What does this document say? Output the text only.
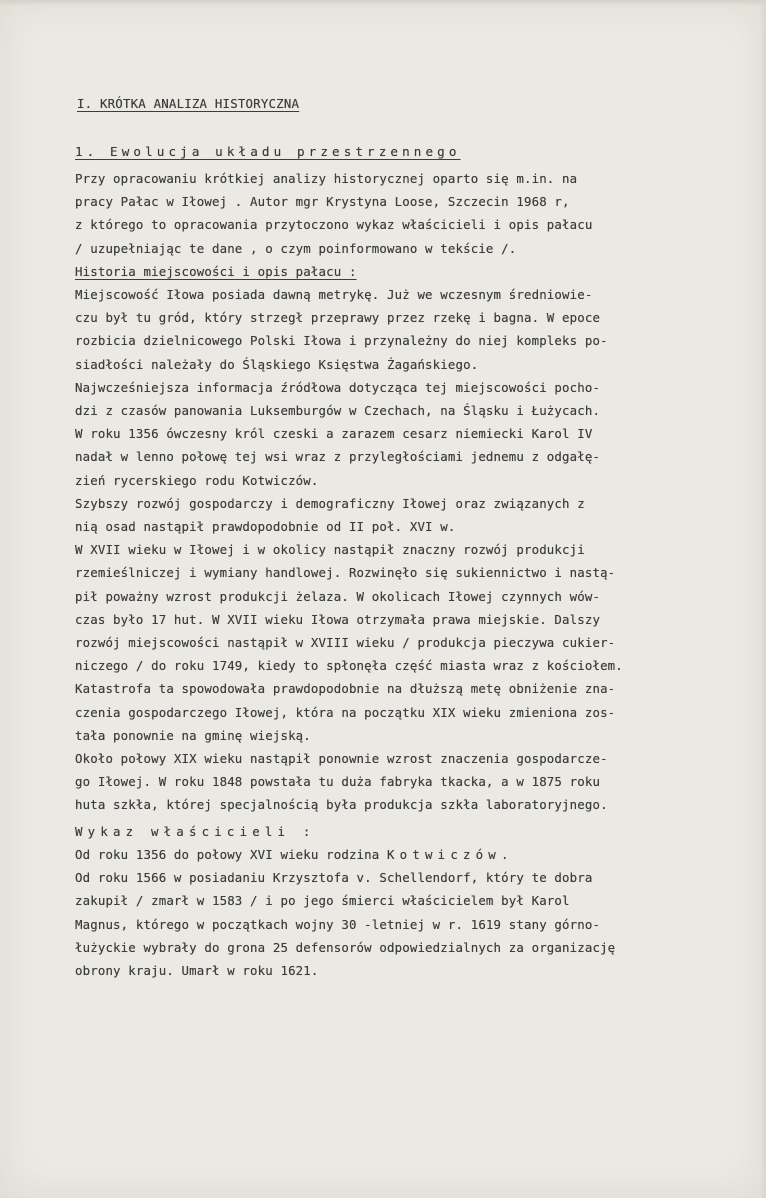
I. KRÓTKA ANALIZA HISTORYCZNA
1. Ewolucja układu przestrzennego
Przy opracowaniu krótkiej analizy historycznej oparto się m.in. na
pracy Pałac w Iłowej . Autor mgr Krystyna Loose, Szczecin 1968 r,
z którego to opracowania przytoczono wykaz właścicieli i opis pałacu
/ uzupełniając te dane , o czym poinformowano w tekście /.
Historia miejscowości i opis pałacu :
Miejscowość Iłowa posiada dawną metrykę. Już we wczesnym średniowie-
czu był tu gród, który strzegł przeprawy przez rzekę i bagna. W epoce
rozbicia dzielnicowego Polski Iłowa i przynależny do niej kompleks po-
siadłości należały do Śląskiego Księstwa Żagańskiego.
Najwcześniejsza informacja źródłowa dotycząca tej miejscowości pocho-
dzi z czasów panowania Luksemburgów w Czechach, na Śląsku i Łużycach.
W roku 1356 ówczesny król czeski a zarazem cesarz niemiecki Karol IV
nadał w lenno połowę tej wsi wraz z przyległościami jednemu z odgałę-
zień rycerskiego rodu Kotwiczów.
Szybszy rozwój gospodarczy i demograficzny Iłowej oraz związanych z
nią osad nastąpił prawdopodobnie od II poł. XVI w.
W XVII wieku w Iłowej i w okolicy nastąpił znaczny rozwój produkcji
rzemieślniczej i wymiany handlowej. Rozwinęło się sukiennictwo i nastą-
pił poważny wzrost produkcji żelaza. W okolicach Iłowej czynnych wów-
czas było 17 hut. W XVII wieku Iłowa otrzymała prawa miejskie. Dalszy
rozwój miejscowości nastąpił w XVIII wieku / produkcja pieczywa cukier-
niczego / do roku 1749, kiedy to spłonęła część miasta wraz z kościołem.
Katastrofa ta spowodowała prawdopodobnie na dłuższą metę obniżenie zna-
czenia gospodarczego Iłowej, która na początku XIX wieku zmieniona zos-
tała ponownie na gminę wiejską.
Około połowy XIX wieku nastąpił ponownie wzrost znaczenia gospodarcze-
go Iłowej. W roku 1848 powstała tu duża fabryka tkacka, a w 1875 roku
huta szkła, której specjalnością była produkcja szkła laboratoryjnego.
Wykaz właścicieli :
Od roku 1356 do połowy XVI wieku rodzina Kotwiczów.
Od roku 1566 w posiadaniu Krzysztofa v. Schellendorf, który te dobra
zakupił / zmarł w 1583 / i po jego śmierci właścicielem był Karol
Magnus, którego w początkach wojny 30 -letniej w r. 1619 stany górno-
łużyckie wybrały do grona 25 defensorów odpowiedzialnych za organizację
obrony kraju. Umarł w roku 1621.
